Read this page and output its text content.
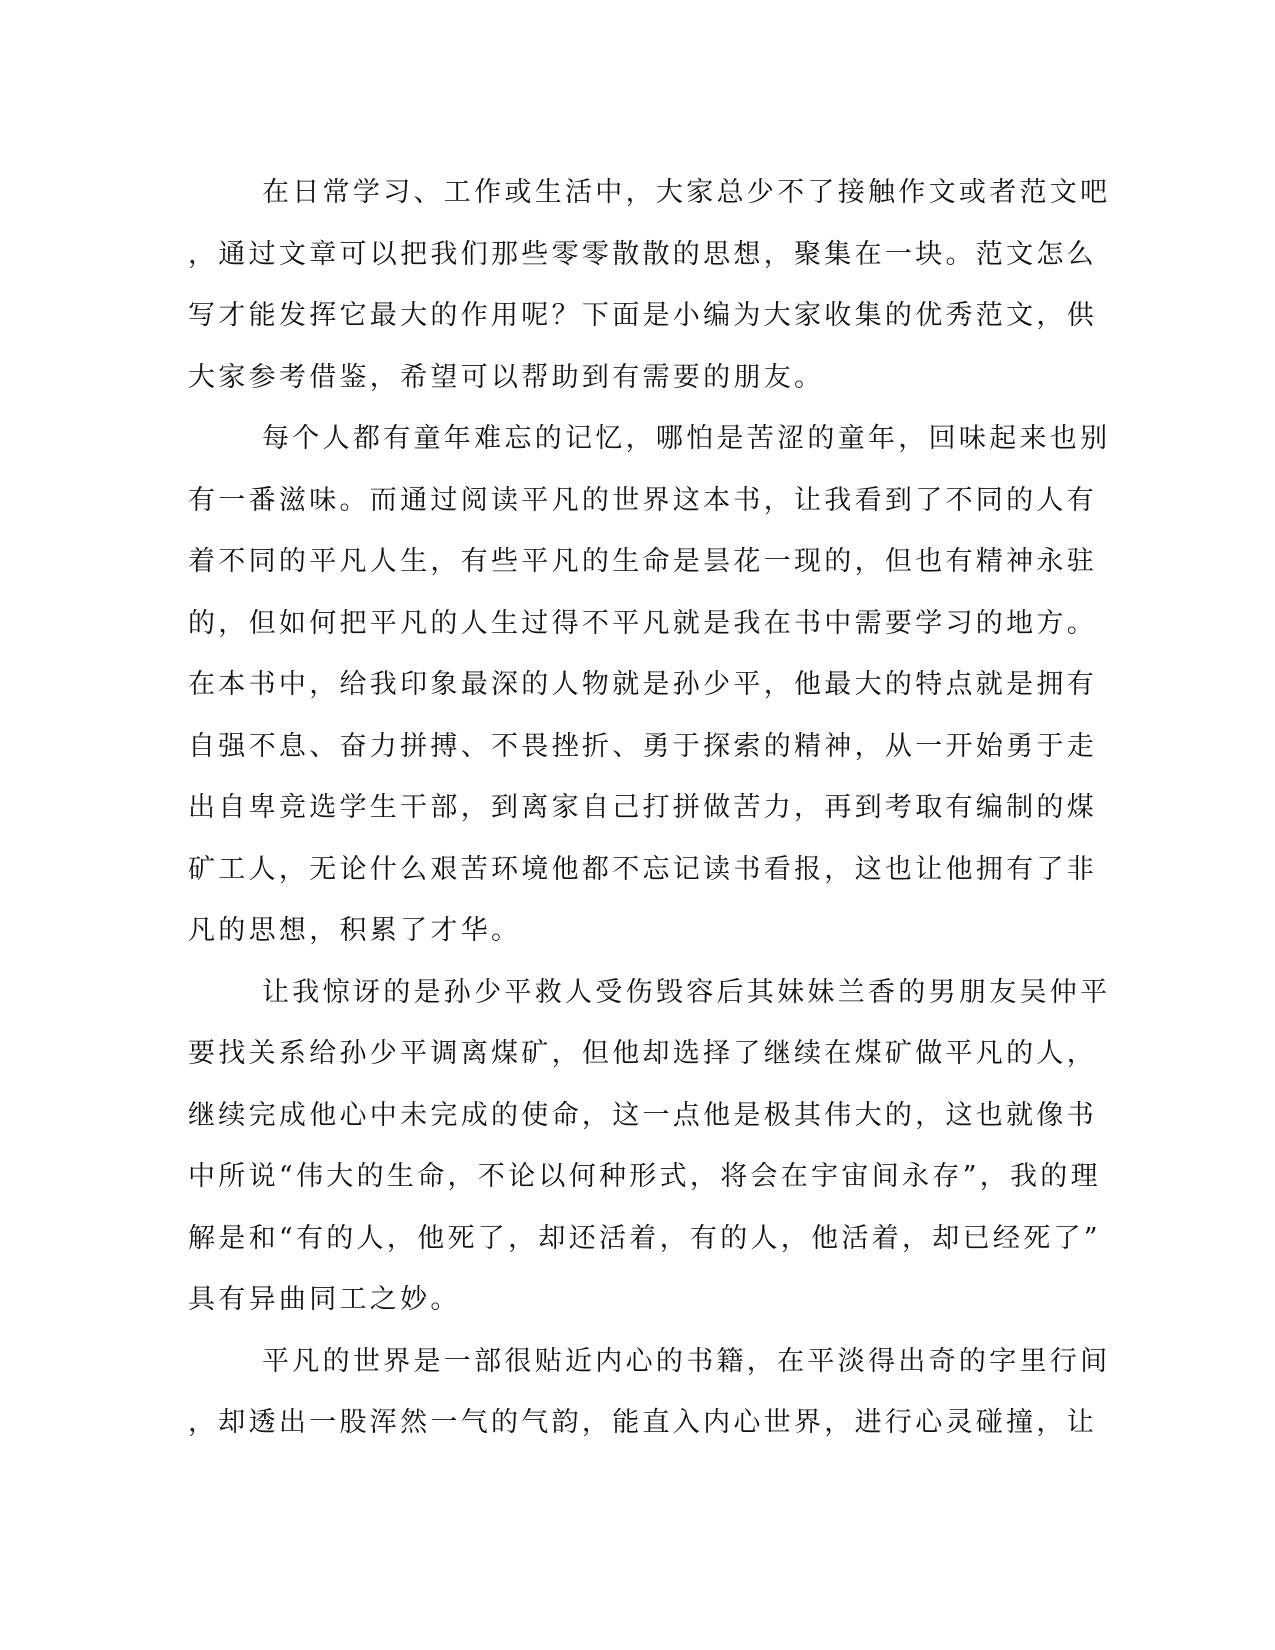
在日常学习、工作或生活中，大家总少不了接触作文或者范文吧
，通过文章可以把我们那些零零散散的思想，聚集在一块。范文怎么
写才能发挥它最大的作用呢？下面是小编为大家收集的优秀范文，供
大家参考借鉴，希望可以帮助到有需要的朋友。
每个人都有童年难忘的记忆，哪怕是苦涩的童年，回味起来也别
有一番滋味。而通过阅读平凡的世界这本书，让我看到了不同的人有
着不同的平凡人生，有些平凡的生命是昙花一现的，但也有精神永驻
的，但如何把平凡的人生过得不平凡就是我在书中需要学习的地方。
在本书中，给我印象最深的人物就是孙少平，他最大的特点就是拥有
自强不息、奋力拼搏、不畏挫折、勇于探索的精神，从一开始勇于走
出自卑竞选学生干部，到离家自己打拼做苦力，再到考取有编制的煤
矿工人，无论什么艰苦环境他都不忘记读书看报，这也让他拥有了非
凡的思想，积累了才华。
让我惊讶的是孙少平救人受伤毁容后其妹妹兰香的男朋友吴仲平
要找关系给孙少平调离煤矿，但他却选择了继续在煤矿做平凡的人，
继续完成他心中未完成的使命，这一点他是极其伟大的，这也就像书
中所说“伟大的生命，不论以何种形式，将会在宇宙间永存”，我的理
解是和“有的人，他死了，却还活着，有的人，他活着，却已经死了”
具有异曲同工之妙。
平凡的世界是一部很贴近内心的书籍，在平淡得出奇的字里行间
，却透出一股浑然一气的气韵，能直入内心世界，进行心灵碰撞，让
